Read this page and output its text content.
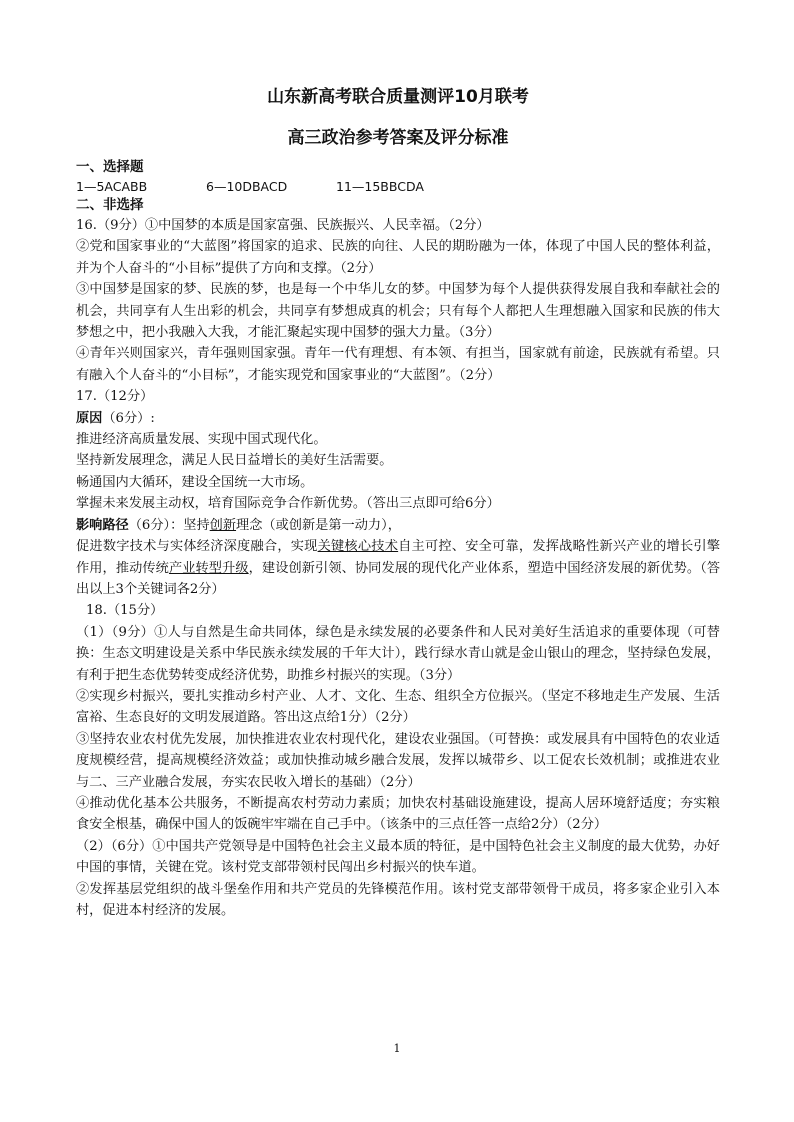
山东新高考联合质量测评10月联考

高三政治参考答案及评分标准

一、选择题
1—5ACABB	6—10DBACD	11—15BBCDA
二、非选择

16.（9分）①中国梦的本质是国家富强、民族振兴、人民幸福。（2分）

②党和国家事业的“大蓝图”将国家的追求、民族的向往、人民的期盼融为一体，体现了中国人民的整体利益，并为个人奋斗的“小目标”提供了方向和支撑。（2分）

③中国梦是国家的梦、民族的梦，也是每一个中华儿女的梦。中国梦为每个人提供获得发展自我和奉献社会的机会，共同享有人生出彩的机会，共同享有梦想成真的机会；只有每个人都把人生理想融入国家和民族的伟大梦想之中，把小我融入大我，才能汇聚起实现中国梦的强大力量。（3分）

④青年兴则国家兴，青年强则国家强。青年一代有理想、有本领、有担当，国家就有前途，民族就有希望。只有融入个人奋斗的“小目标”，才能实现党和国家事业的“大蓝图”。（2分）

17.（12分）

原因（6分）:

推进经济高质量发展、实现中国式现代化。

坚持新发展理念，满足人民日益增长的美好生活需要。

畅通国内大循环，建设全国统一大市场。

掌握未来发展主动权，培育国际竞争合作新优势。（答出三点即可给6分）

影响路径（6分）：坚持创新理念（或创新是第一动力），

促进数字技术与实体经济深度融合，实现关键核心技术自主可控、安全可靠，发挥战略性新兴产业的增长引擎作用，推动传统产业转型升级，建设创新引领、协同发展的现代化产业体系，塑造中国经济发展的新优势。（答出以上3个关键词各2分）

18.（15分）

（1）（9分）①人与自然是生命共同体，绿色是永续发展的必要条件和人民对美好生活追求的重要体现（可替换：生态文明建设是关系中华民族永续发展的千年大计），践行绿水青山就是金山银山的理念，坚持绿色发展，有利于把生态优势转变成经济优势，助推乡村振兴的实现。（3分）

②实现乡村振兴，要扎实推动乡村产业、人才、文化、生态、组织全方位振兴。（坚定不移地走生产发展、生活富裕、生态良好的文明发展道路。答出这点给1分）（2分）

③坚持农业农村优先发展，加快推进农业农村现代化，建设农业强国。（可替换：或发展具有中国特色的农业适度规模经营，提高规模经济效益；或加快推动城乡融合发展，发挥以城带乡、以工促农长效机制；或推进农业与二、三产业融合发展，夯实农民收入增长的基础）（2分）

④推动优化基本公共服务，不断提高农村劳动力素质；加快农村基础设施建设，提高人居环境舒适度；夯实粮食安全根基，确保中国人的饭碗牢牢端在自己手中。（该条中的三点任答一点给2分）（2分）

（2）（6分）①中国共产党领导是中国特色社会主义最本质的特征，是中国特色社会主义制度的最大优势，办好中国的事情，关键在党。该村党支部带领村民闯出乡村振兴的快车道。

②发挥基层党组织的战斗堡垒作用和共产党员的先锋模范作用。该村党支部带领骨干成员，将多家企业引入本村，促进本村经济的发展。

1
